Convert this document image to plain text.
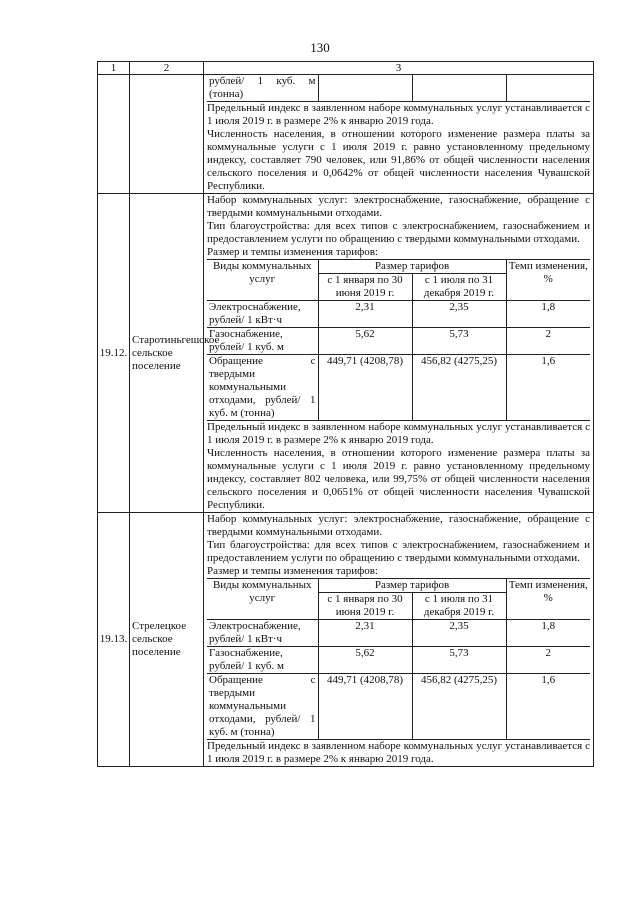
130
1	2	3

рублей/ 1 куб. м (тонна)			

Предельный индекс в заявленном наборе коммунальных услуг устанавливается с 1 июля 2019 г. в размере 2% к январю 2019 года.

Численность населения, в отношении которого изменение размера платы за коммунальные услуги с 1 июля 2019 г. равно установленному предельному индексу, составляет 790 человек, или 91,86% от общей численности населения сельского поселения и 0,0642% от общей численности населения Чувашской Республики.

19.12.	Старотиньгешское сельское поселение	

Набор коммунальных услуг: электроснабжение, газоснабжение, обращение с твердыми коммунальными отходами.

Тип благоустройства: для всех типов с электроснабжением, газоснабжением и предоставлением услуги по обращению с твердыми коммунальными отходами.

Размер и темпы изменения тарифов:

Виды коммунальных услуг	Размер тарифов	Темп изменения, %
с 1 января по 30 июня 2019 г.	с 1 июля по 31 декабря 2019 г.
Электроснабжение, рублей/ 1 кВт·ч	2,31	2,35	1,8
Газоснабжение, рублей/ 1 куб. м	5,62	5,73	2
Обращение с твердыми коммунальными отходами, рублей/ 1 куб. м (тонна)	449,71 (4208,78)	456,82 (4275,25)	1,6

Предельный индекс в заявленном наборе коммунальных услуг устанавливается с 1 июля 2019 г. в размере 2% к январю 2019 года.

Численность населения, в отношении которого изменение размера платы за коммунальные услуги с 1 июля 2019 г. равно установленному предельному индексу, составляет 802 человека, или 99,75% от общей численности населения сельского поселения и 0,0651% от общей численности населения Чувашской Республики.

19.13.	Стрелецкое сельское поселение	

Набор коммунальных услуг: электроснабжение, газоснабжение, обращение с твердыми коммунальными отходами.

Тип благоустройства: для всех типов с электроснабжением, газоснабжением и предоставлением услуги по обращению с твердыми коммунальными отходами.

Размер и темпы изменения тарифов:

Виды коммунальных услуг	Размер тарифов	Темп изменения, %
с 1 января по 30 июня 2019 г.	с 1 июля по 31 декабря 2019 г.
Электроснабжение, рублей/ 1 кВт·ч	2,31	2,35	1,8
Газоснабжение, рублей/ 1 куб. м	5,62	5,73	2
Обращение с твердыми коммунальными отходами, рублей/ 1 куб. м (тонна)	449,71 (4208,78)	456,82 (4275,25)	1,6

Предельный индекс в заявленном наборе коммунальных услуг устанавливается с 1 июля 2019 г. в размере 2% к январю 2019 года.
